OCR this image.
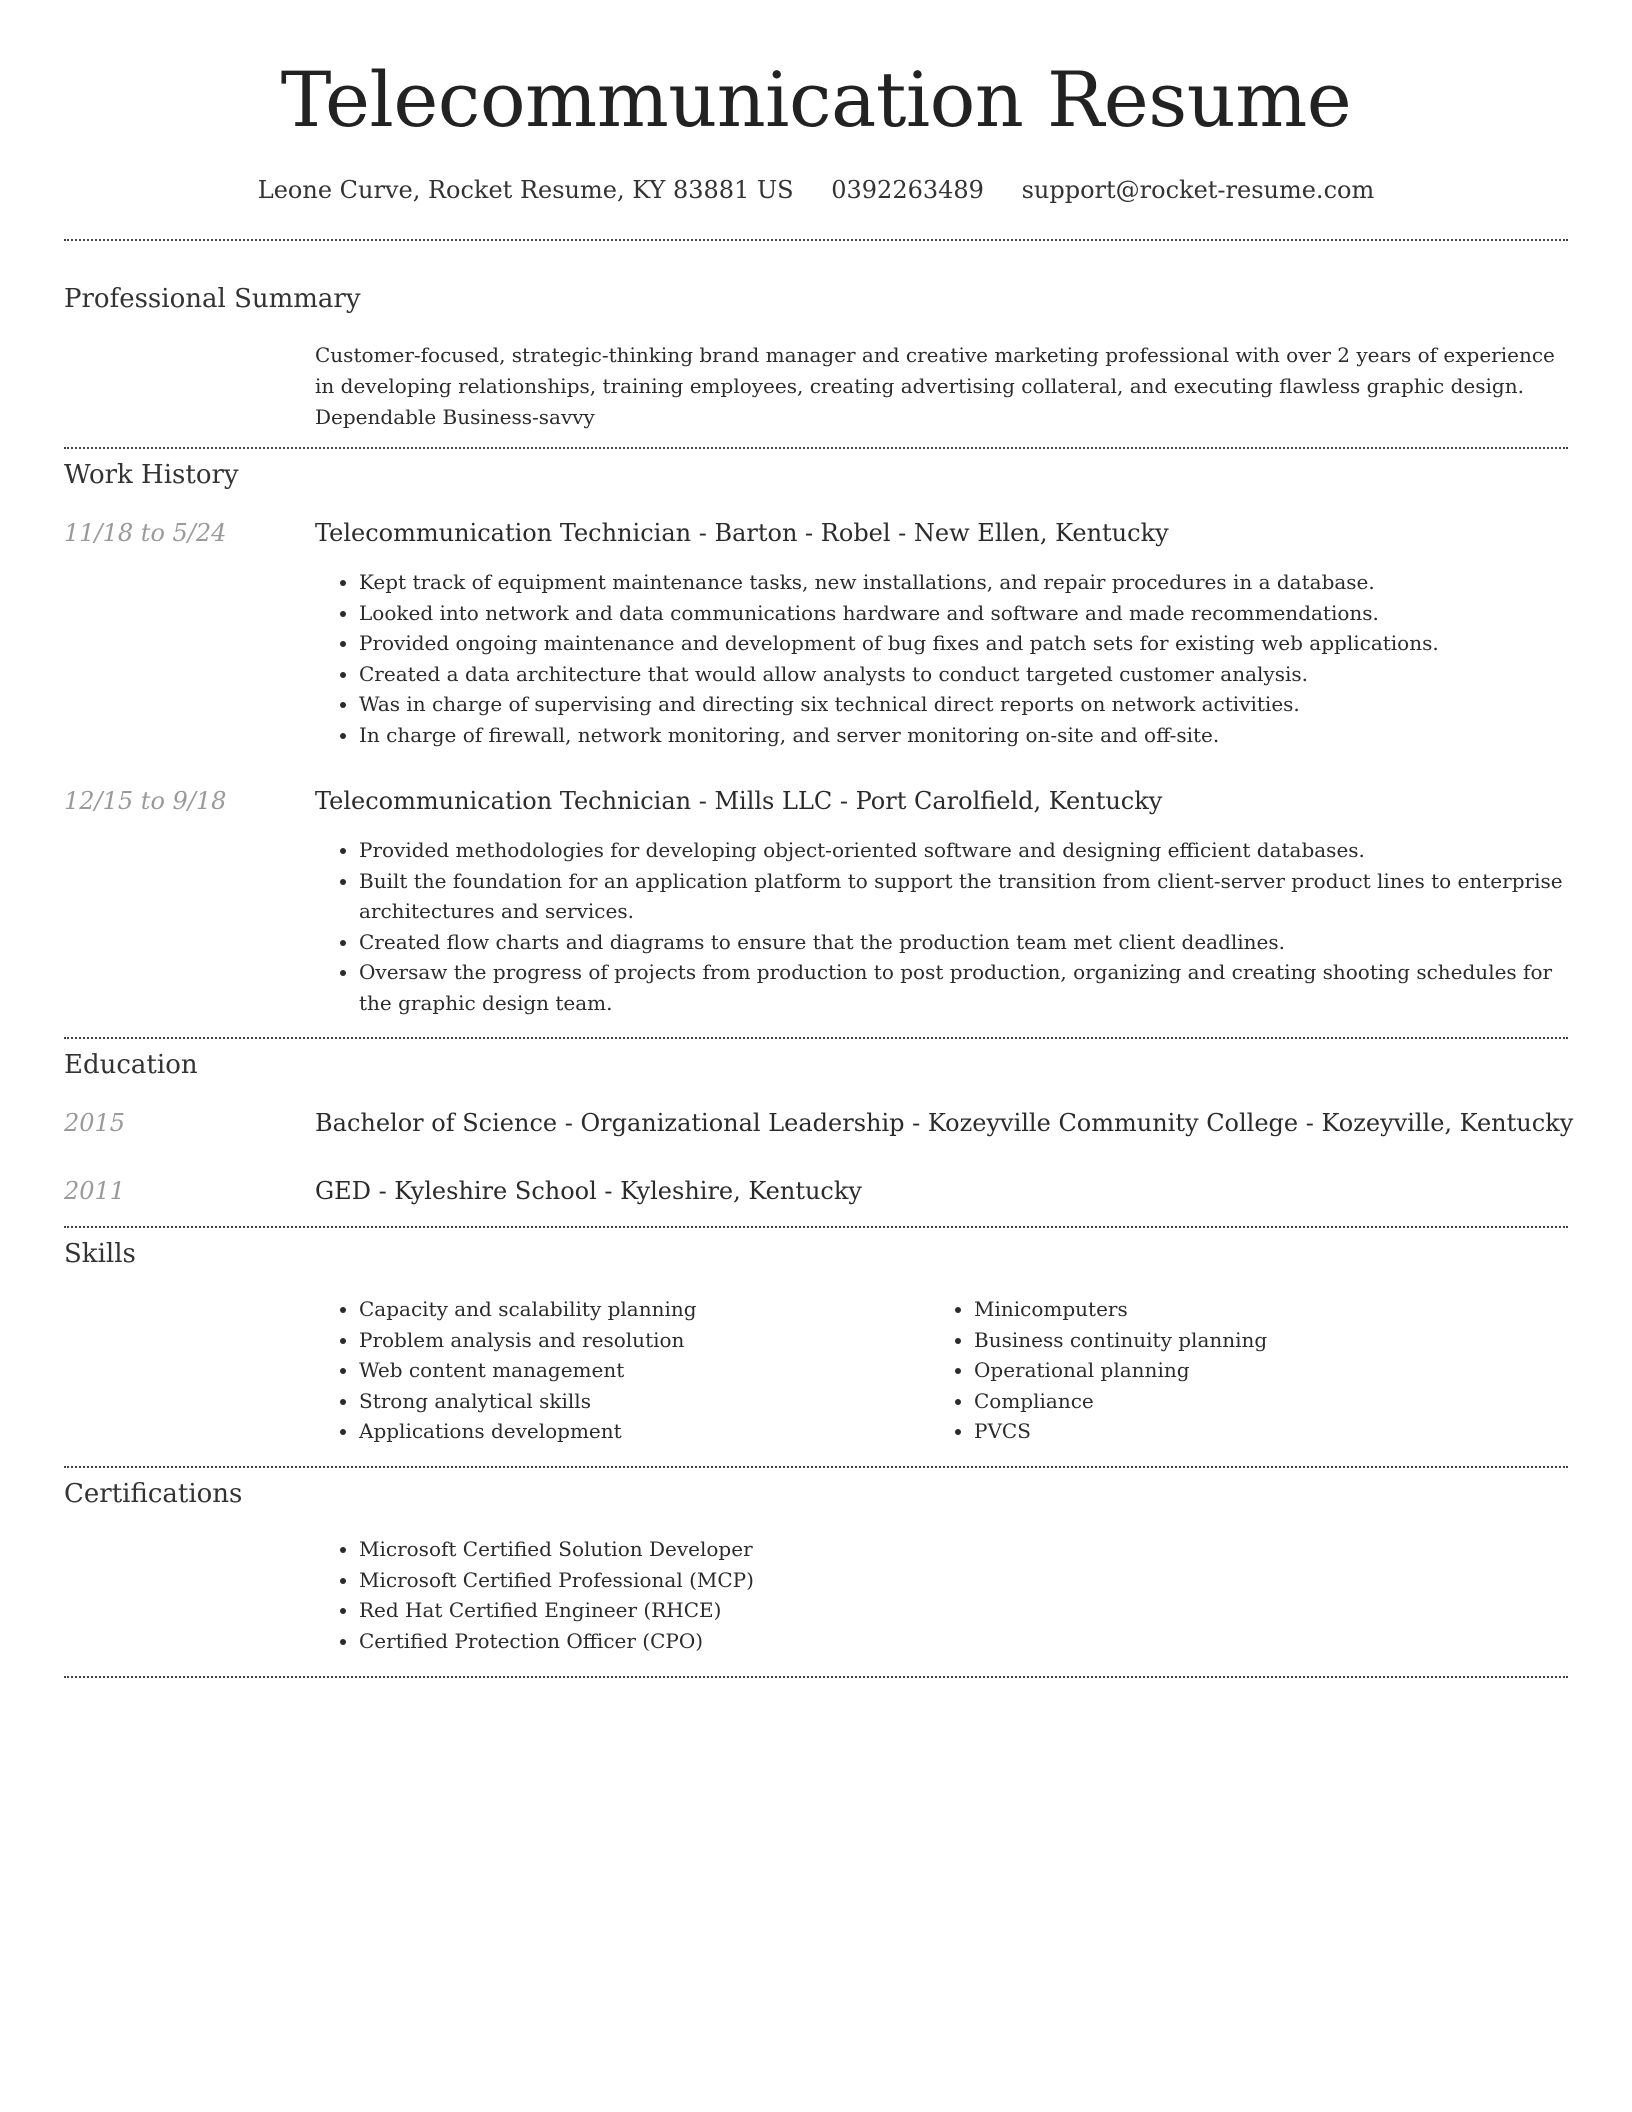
Telecommunication Resume
Leone Curve, Rocket Resume, KY 83881 US 0392263489 support@rocket-resume.com
Professional Summary
Customer-focused, strategic-thinking brand manager and creative marketing professional with over 2 years of experience in developing relationships, training employees, creating advertising collateral, and executing flawless graphic design. Dependable Business-savvy
Work History
11/18 to 5/24	Telecommunication Technician - Barton - Robel - New Ellen, Kentucky
• Kept track of equipment maintenance tasks, new installations, and repair procedures in a database.
• Looked into network and data communications hardware and software and made recommendations.
• Provided ongoing maintenance and development of bug fixes and patch sets for existing web applications.
• Created a data architecture that would allow analysts to conduct targeted customer analysis.
• Was in charge of supervising and directing six technical direct reports on network activities.
• In charge of firewall, network monitoring, and server monitoring on-site and off-site.
12/15 to 9/18	Telecommunication Technician - Mills LLC - Port Carolfield, Kentucky
• Provided methodologies for developing object-oriented software and designing efficient databases.
• Built the foundation for an application platform to support the transition from client-server product lines to enterprise architectures and services.
• Created flow charts and diagrams to ensure that the production team met client deadlines.
• Oversaw the progress of projects from production to post production, organizing and creating shooting schedules for the graphic design team.
Education
2015	Bachelor of Science - Organizational Leadership - Kozeyville Community College - Kozeyville, Kentucky
2011	GED - Kyleshire School - Kyleshire, Kentucky
Skills
• Capacity and scalability planning
• Problem analysis and resolution
• Web content management
• Strong analytical skills
• Applications development
• Minicomputers
• Business continuity planning
• Operational planning
• Compliance
• PVCS
Certifications
• Microsoft Certified Solution Developer
• Microsoft Certified Professional (MCP)
• Red Hat Certified Engineer (RHCE)
• Certified Protection Officer (CPO)
